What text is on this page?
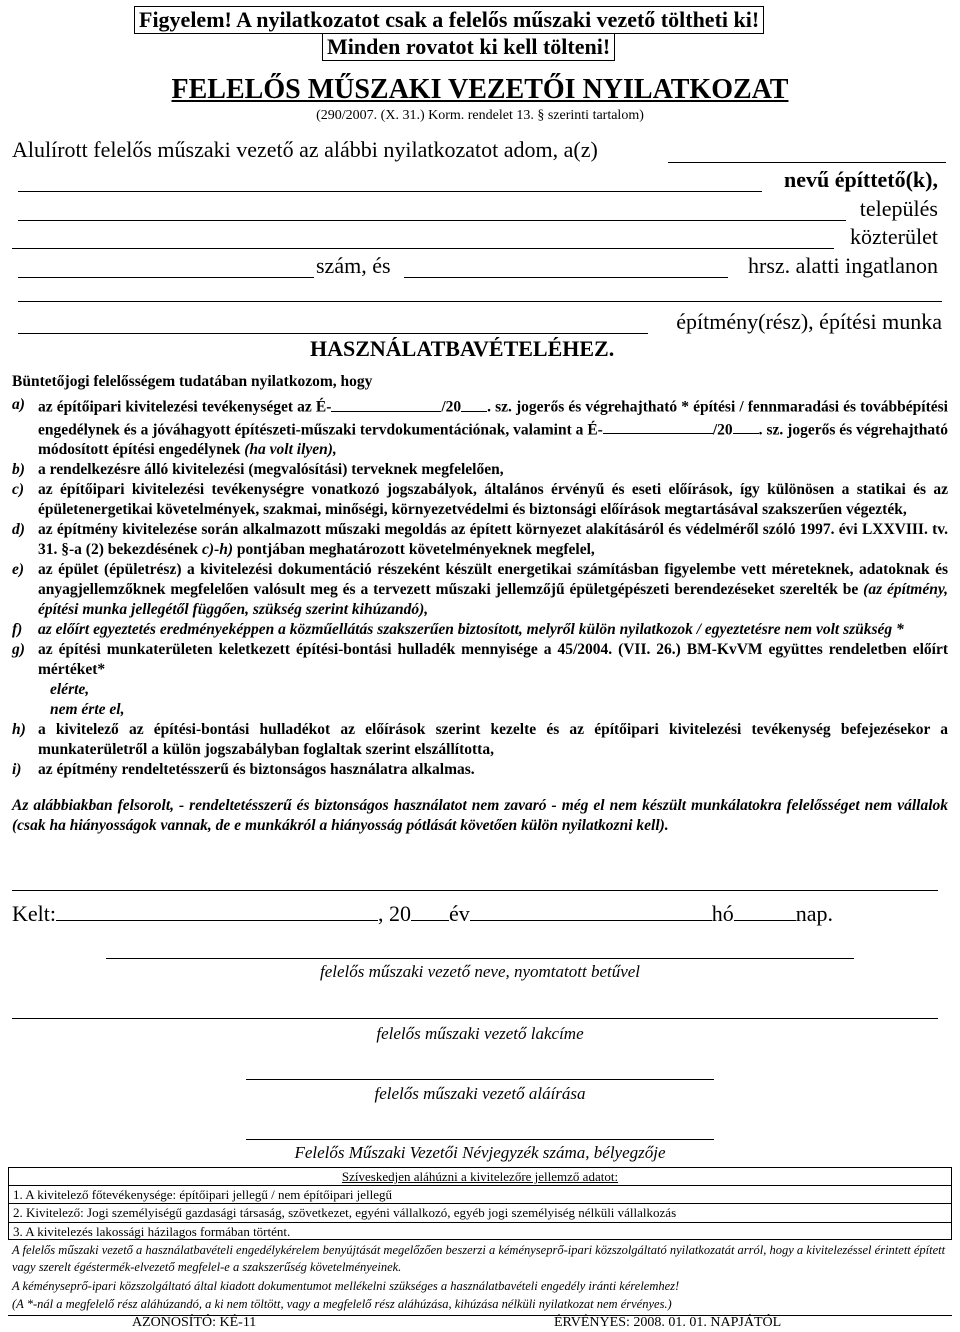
Figyelem! A nyilatkozatot csak a felelős műszaki vezető töltheti ki!
Minden rovatot ki kell tölteni!
FELELŐS MŰSZAKI VEZETŐI NYILATKOZAT
(290/2007. (X. 31.) Korm. rendelet 13. § szerinti tartalom)
Alulírott felelős műszaki vezető az alábbi nyilatkozatot adom, a(z)
nevű építtető(k),
település
közterület
szám, és	hrsz. alatti ingatlanon
építmény(rész), építési munka
HASZNÁLATBAVÉTELÉHEZ.
Büntetőjogi felelősségem tudatában nyilatkozom, hogy
a) az építőipari kivitelezési tevékenységet az É-	/20 . sz. jogerős és végrehajtható * építési / fennmaradási és továbbépítési engedélynek és a jóváhagyott építészeti-műszaki tervdokumentációnak, valamint a É-	/20 . sz. jogerős és végrehajtható módosított építési engedélynek (ha volt ilyen),
b) a rendelkezésre álló kivitelezési (megvalósítási) terveknek megfelelően,
c) az építőipari kivitelezési tevékenységre vonatkozó jogszabályok, általános érvényű és eseti előírások, így különösen a statikai és az épületenergetikai követelmények, szakmai, minőségi, környezetvédelmi és biztonsági előírások megtartásával szakszerűen végezték,
d) az építmény kivitelezése során alkalmazott műszaki megoldás az épített környezet alakításáról és védelméről szóló 1997. évi LXXVIII. tv. 31. §-a (2) bekezdésének c)-h) pontjában meghatározott követelményeknek megfelel,
e) az épület (épületrész) a kivitelezési dokumentáció részeként készült energetikai számításban figyelembe vett méreteknek, adatoknak és anyagjellemzőknek megfelelően valósult meg és a tervezett műszaki jellemzőjű épületgépészeti berendezéseket szerelték be (az építmény, építési munka jellegétől függően, szükség szerint kihúzandó),
f) az előírt egyeztetés eredményeképpen a közműellátás szakszerűen biztosított, melyről külön nyilatkozok / egyeztetésre nem volt szükség *
g) az építési munkaterületen keletkezett építési-bontási hulladék mennyisége a 45/2004. (VII. 26.) BM-KvVM együttes rendeletben előírt mértéket*
elérte,
nem érte el,
h) a kivitelező az építési-bontási hulladékot az előírások szerint kezelte és az építőipari kivitelezési tevékenység befejezésekor a munkaterületről a külön jogszabályban foglaltak szerint elszállította,
i) az építmény rendeltetésszerű és biztonságos használatra alkalmas.
Az alábbiakban felsorolt, - rendeltetésszerű és biztonságos használatot nem zavaró - még el nem készült munkálatokra felelősséget nem vállalok (csak ha hiányosságok vannak, de e munkákról a hiányosság pótlását követően külön nyilatkozni kell).
Kelt:	, 20 év	hó	nap.
felelős műszaki vezető neve, nyomtatott betűvel
felelős műszaki vezető lakcíme
felelős műszaki vezető aláírása
Felelős Műszaki Vezetői Névjegyzék száma, bélyegzője
Szíveskedjen aláhúzni a kivitelezőre jellemző adatot:
1. A kivitelező főtevékenysége: építőipari jellegű / nem építőipari jellegű
2. Kivitelező: Jogi személyiségű gazdasági társaság, szövetkezet, egyéni vállalkozó, egyéb jogi személyiség nélküli vállalkozás
3. A kivitelezés lakossági házilagos formában történt.
A felelős műszaki vezető a használatbavételi engedélykérelem benyújtását megelőzően beszerzi a kéményseprő-ipari közszolgáltató nyilatkozatát arról, hogy a kivitelezéssel érintett épített vagy szerelt égéstermék-elvezető megfelel-e a szakszerűség követelményeinek.
A kéményseprő-ipari közszolgáltató által kiadott dokumentumot mellékelni szükséges a használatbavételi engedély iránti kérelemhez!
(A *-nál a megfelelő rész aláhúzandó, a ki nem töltött, vagy a megfelelő rész aláhúzása, kihúzása nélküli nyilatkozat nem érvényes.)
AZONOSÍTÓ: KÉ-11	ÉRVÉNYES: 2008. 01. 01. NAPJÁTÓL
